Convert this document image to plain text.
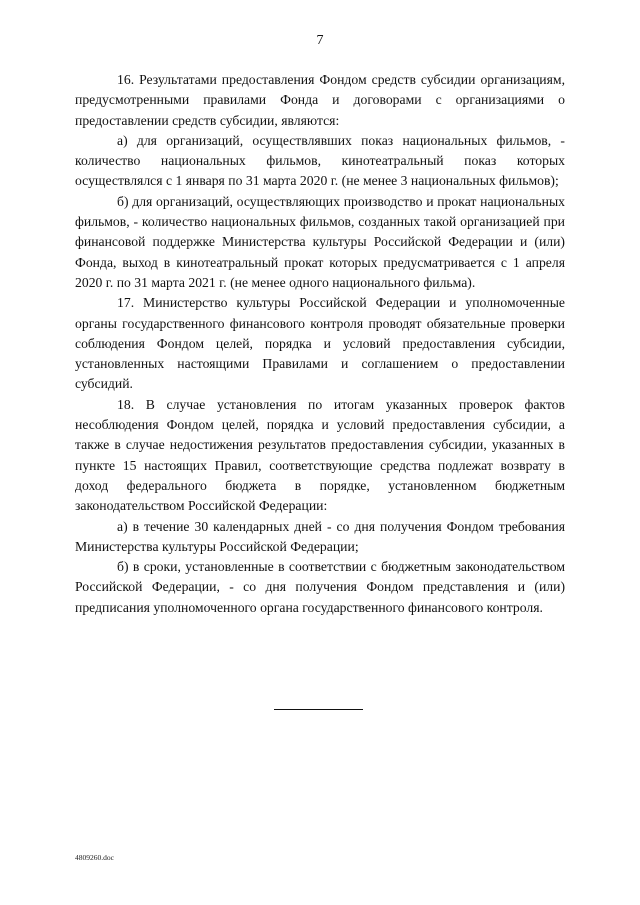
7

16. Результатами предоставления Фондом средств субсидии организациям, предусмотренными правилами Фонда и договорами с организациями о предоставлении средств субсидии, являются:

а) для организаций, осуществлявших показ национальных фильмов, - количество национальных фильмов, кинотеатральный показ которых осуществлялся с 1 января по 31 марта 2020 г. (не менее 3 национальных фильмов);

б) для организаций, осуществляющих производство и прокат национальных фильмов, - количество национальных фильмов, созданных такой организацией при финансовой поддержке Министерства культуры Российской Федерации и (или) Фонда, выход в кинотеатральный прокат которых предусматривается с 1 апреля 2020 г. по 31 марта 2021 г. (не менее одного национального фильма).

17. Министерство культуры Российской Федерации и уполномоченные органы государственного финансового контроля проводят обязательные проверки соблюдения Фондом целей, порядка и условий предоставления субсидии, установленных настоящими Правилами и соглашением о предоставлении субсидий.

18. В случае установления по итогам указанных проверок фактов несоблюдения Фондом целей, порядка и условий предоставления субсидии, а также в случае недостижения результатов предоставления субсидии, указанных в пункте 15 настоящих Правил, соответствующие средства подлежат возврату в доход федерального бюджета в порядке, установленном бюджетным законодательством Российской Федерации:

а) в течение 30 календарных дней - со дня получения Фондом требования Министерства культуры Российской Федерации;

б) в сроки, установленные в соответствии с бюджетным законодательством Российской Федерации, - со дня получения Фондом представления и (или) предписания уполномоченного органа государственного финансового контроля.

4809260.doc
